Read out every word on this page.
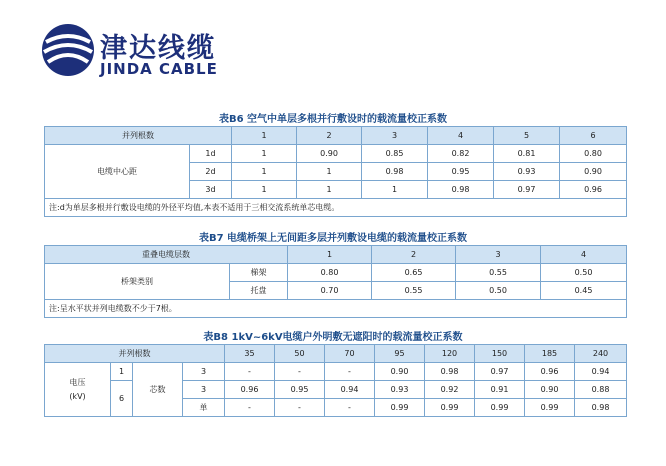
津达线缆
JINDA CABLE
表B6 空气中单层多根并行敷设时的载流量校正系数
并列根数		1	2	3	4	5	6
电缆中心距	1d	1	0.90	0.85	0.82	0.81	0.80
	2d	1	1	0.98	0.95	0.93	0.90
	3d	1	1	1	0.98	0.97	0.96
注:d为单层多根并行敷设电缆的外径平均值,本表不适用于三相交流系统单芯电缆。							
表B7 电缆桥架上无间距多层并列敷设电缆的载流量校正系数
重叠电缆层数		1	2	3	4
桥架类别	梯架	0.80	0.65	0.55	0.50
	托盘	0.70	0.55	0.50	0.45
注:呈水平状并列电缆数不少于7根。					
表B8 1kV~6kV电缆户外明敷无遮阳时的载流量校正系数
并列根数				35	50	70	95	120	150	185	240
电压
(kV)	1	芯数	3	-	-	-	0.90	0.98	0.97	0.96	0.94
	6		3	0.96	0.95	0.94	0.93	0.92	0.91	0.90	0.88
			单	-	-	-	0.99	0.99	0.99	0.99	0.98
